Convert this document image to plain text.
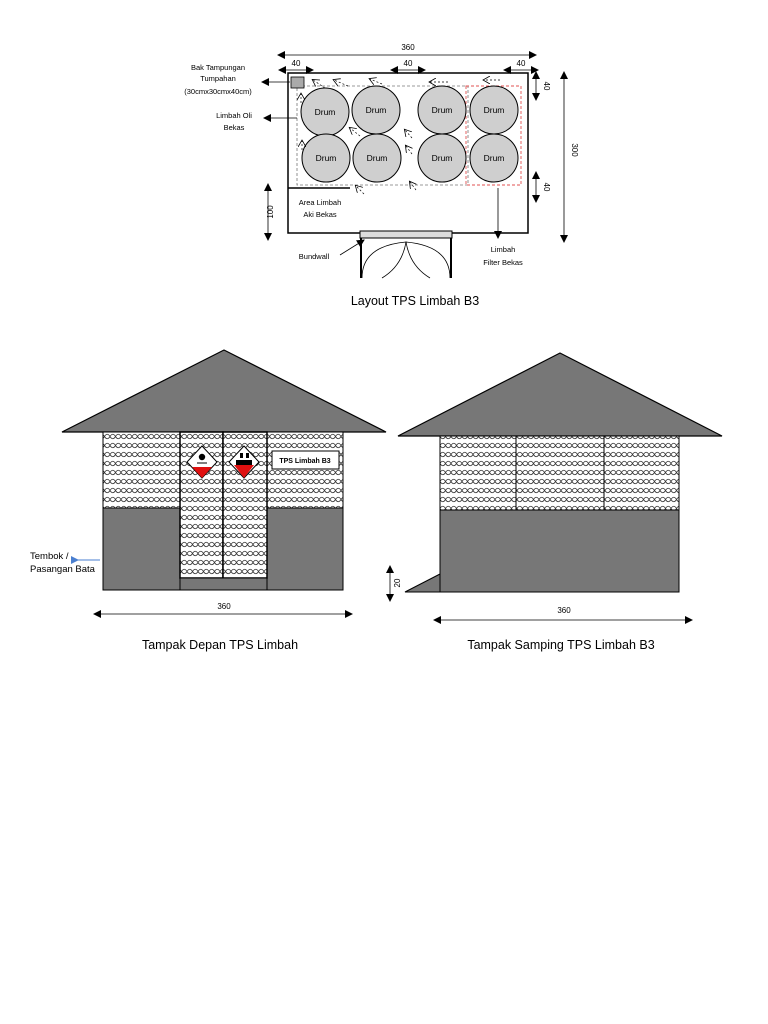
Drum	Drum	Drum	Drum
Drum	Drum	Drum	Drum
360
40	40	40
300
40
40
100
Bak Tampungan
Tumpahan
(30cmx30cmx40cm)
Limbah Oli
Bekas
Area Limbah
Aki Bekas
Bundwall
Limbah
Filter Bekas
Layout TPS Limbah B3
TPS Limbah B3
Tembok /
Pasangan Bata
360
Tampak Depan TPS Limbah
20
360
Tampak Samping TPS Limbah B3
